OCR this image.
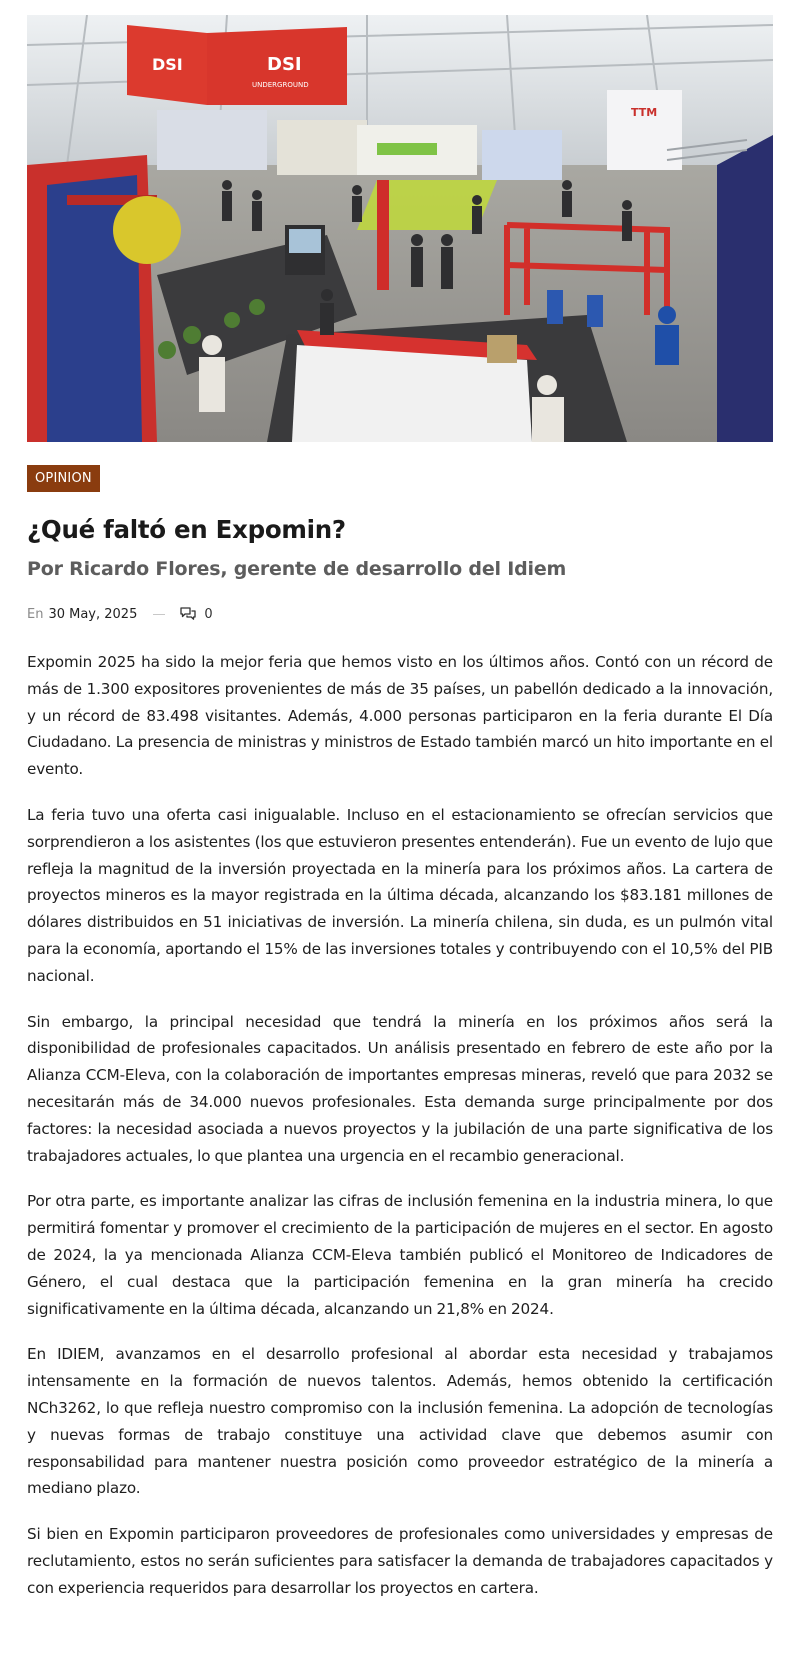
DSI	DSI
UNDERGROUND
TTM
OPINION
¿Qué faltó en Expomin?
Por Ricardo Flores, gerente de desarrollo del Idiem
En 30 May, 2025	0

Expomin 2025 ha sido la mejor feria que hemos visto en los últimos años. Contó con un récord de más de 1.300 expositores provenientes de más de 35 países, un pabellón dedicado a la innovación, y un récord de 83.498 visitantes. Además, 4.000 personas participaron en la feria durante El Día Ciudadano. La presencia de ministras y ministros de Estado también marcó un hito importante en el evento.

La feria tuvo una oferta casi inigualable. Incluso en el estacionamiento se ofrecían servicios que sorprendieron a los asistentes (los que estuvieron presentes entenderán). Fue un evento de lujo que refleja la magnitud de la inversión proyectada en la minería para los próximos años. La cartera de proyectos mineros es la mayor registrada en la última década, alcanzando los $83.181 millones de dólares distribuidos en 51 iniciativas de inversión. La minería chilena, sin duda, es un pulmón vital para la economía, aportando el 15% de las inversiones totales y contribuyendo con el 10,5% del PIB nacional.

Sin embargo, la principal necesidad que tendrá la minería en los próximos años será la disponibilidad de profesionales capacitados. Un análisis presentado en febrero de este año por la Alianza CCM-Eleva, con la colaboración de importantes empresas mineras, reveló que para 2032 se necesitarán más de 34.000 nuevos profesionales. Esta demanda surge principalmente por dos factores: la necesidad asociada a nuevos proyectos y la jubilación de una parte significativa de los trabajadores actuales, lo que plantea una urgencia en el recambio generacional.

Por otra parte, es importante analizar las cifras de inclusión femenina en la industria minera, lo que permitirá fomentar y promover el crecimiento de la participación de mujeres en el sector. En agosto de 2024, la ya mencionada Alianza CCM-Eleva también publicó el Monitoreo de Indicadores de Género, el cual destaca que la participación femenina en la gran minería ha crecido significativamente en la última década, alcanzando un 21,8% en 2024.

En IDIEM, avanzamos en el desarrollo profesional al abordar esta necesidad y trabajamos intensamente en la formación de nuevos talentos. Además, hemos obtenido la certificación NCh3262, lo que refleja nuestro compromiso con la inclusión femenina. La adopción de tecnologías y nuevas formas de trabajo constituye una actividad clave que debemos asumir con responsabilidad para mantener nuestra posición como proveedor estratégico de la minería a mediano plazo.

Si bien en Expomin participaron proveedores de profesionales como universidades y empresas de reclutamiento, estos no serán suficientes para satisfacer la demanda de trabajadores capacitados y con experiencia requeridos para desarrollar los proyectos en cartera.
